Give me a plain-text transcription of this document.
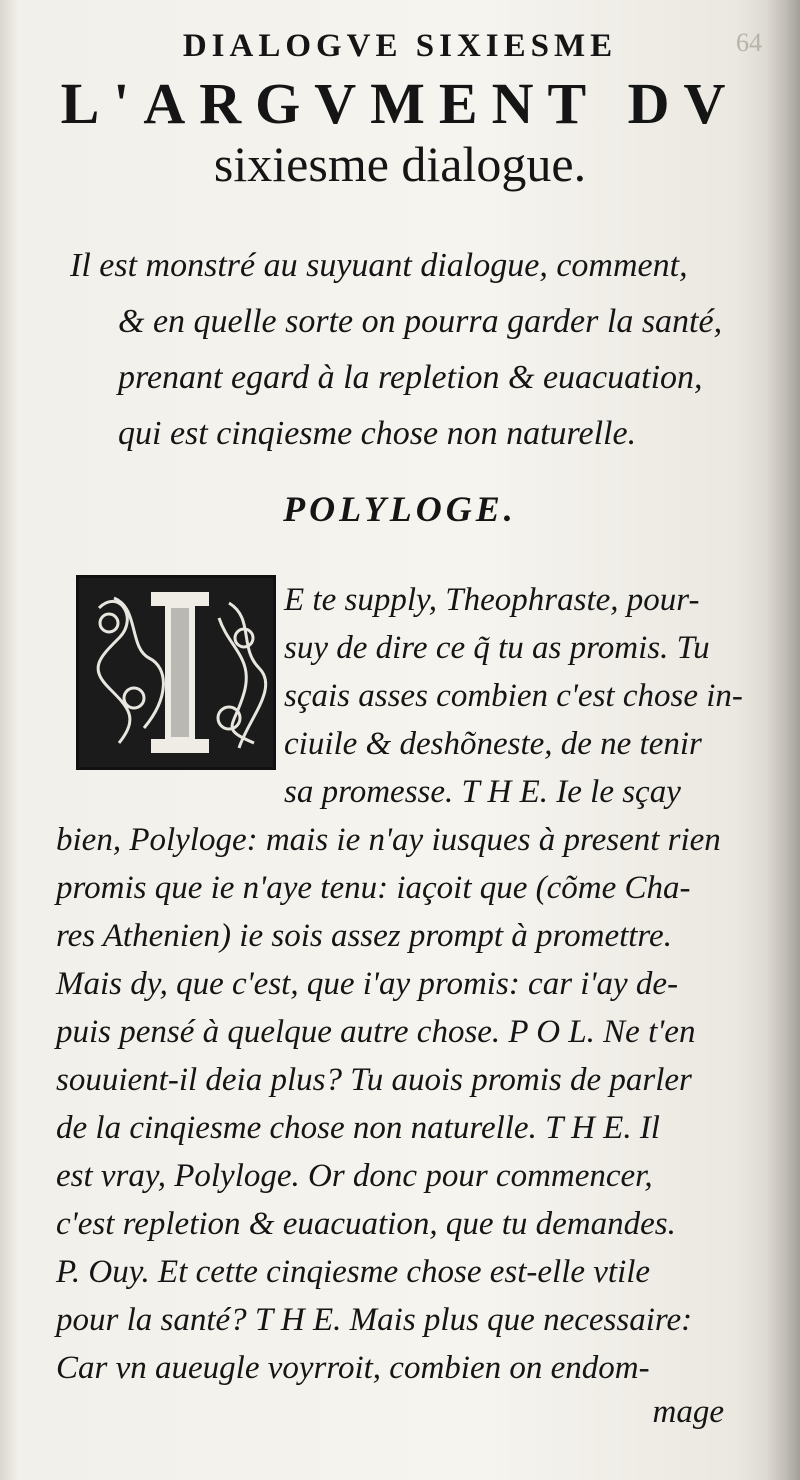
DIALOGVE SIXIESME	64
L'ARGVMENT DV
sixiesme dialogue.
Il est monstré au suyuant dialogue, comment,
& en quelle sorte on pourra garder la santé,
prenant egard à la repletion & euacuation,
qui est cinqiesme chose non naturelle.
POLYLOGE.
E te supply, Theophraste, pour-
suy de dire ce q̃ tu as promis. Tu
sçais asses combien c'est chose in-
ciuile & deshõneste, de ne tenir
sa promesse. T H E. Ie le sçay
bien, Polyloge: mais ie n'ay iusques à present rien
promis que ie n'aye tenu: iaçoit que (cõme Cha-
res Athenien) ie sois assez prompt à promettre.
Mais dy, que c'est, que i'ay promis: car i'ay de-
puis pensé à quelque autre chose. P O L. Ne t'en
souuient-il deia plus? Tu auois promis de parler
de la cinqiesme chose non naturelle. T H E. Il
est vray, Polyloge. Or donc pour commencer,
c'est repletion & euacuation, que tu demandes.
P. Ouy. Et cette cinqiesme chose est-elle vtile
pour la santé? T H E. Mais plus que necessaire:
Car vn aueugle voyrroit, combien on endom-
mage
